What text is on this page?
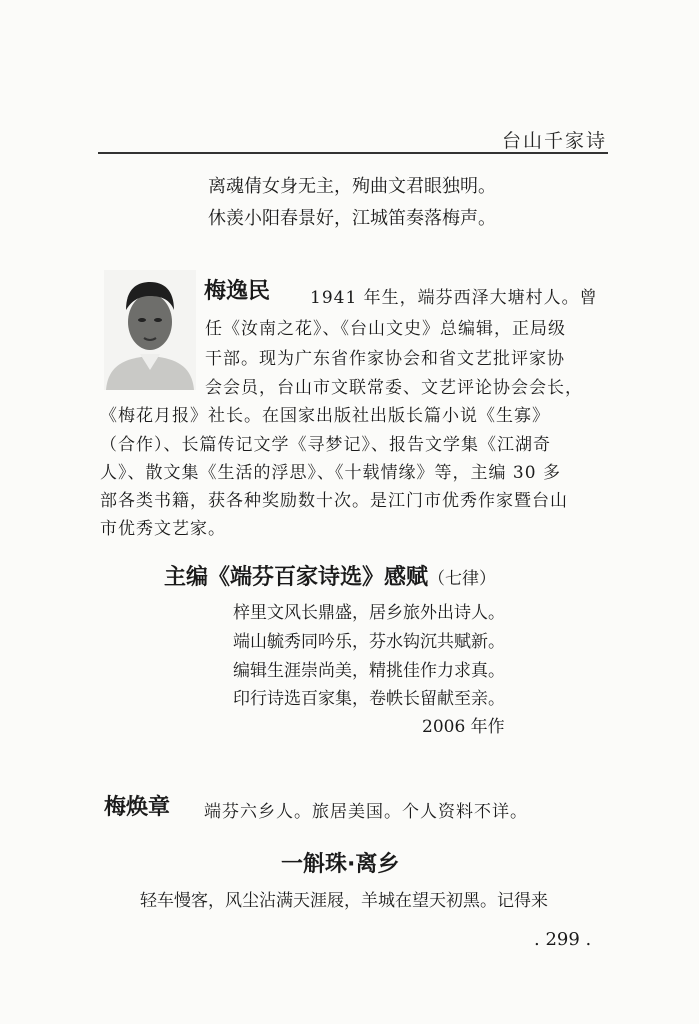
台山千家诗
离魂倩女身无主，殉曲文君眼独明。
休羡小阳春景好，江城笛奏落梅声。
梅逸民 1941 年生，端芬西泽大塘村人。曾
任《汝南之花》、《台山文史》总编辑，正局级
干部。现为广东省作家协会和省文艺批评家协
会会员，台山市文联常委、文艺评论协会会长，
《梅花月报》社长。在国家出版社出版长篇小说《生寡》
（合作）、长篇传记文学《寻梦记》、报告文学集《江湖奇
人》、散文集《生活的浮思》、《十载情缘》等，主编 30 多
部各类书籍，获各种奖励数十次。是江门市优秀作家暨台山
市优秀文艺家。
主编《端芬百家诗选》感赋（七律）
梓里文风长鼎盛，居乡旅外出诗人。
端山毓秀同吟乐，芬水钩沉共赋新。
编辑生涯崇尚美，精挑佳作力求真。
印行诗选百家集，卷帙长留献至亲。
2006 年作
梅焕章 端芬六乡人。旅居美国。个人资料不详。
一斛珠·离乡
轻车慢客，风尘沾满天涯屐，羊城在望天初黑。记得来
. 299 .
